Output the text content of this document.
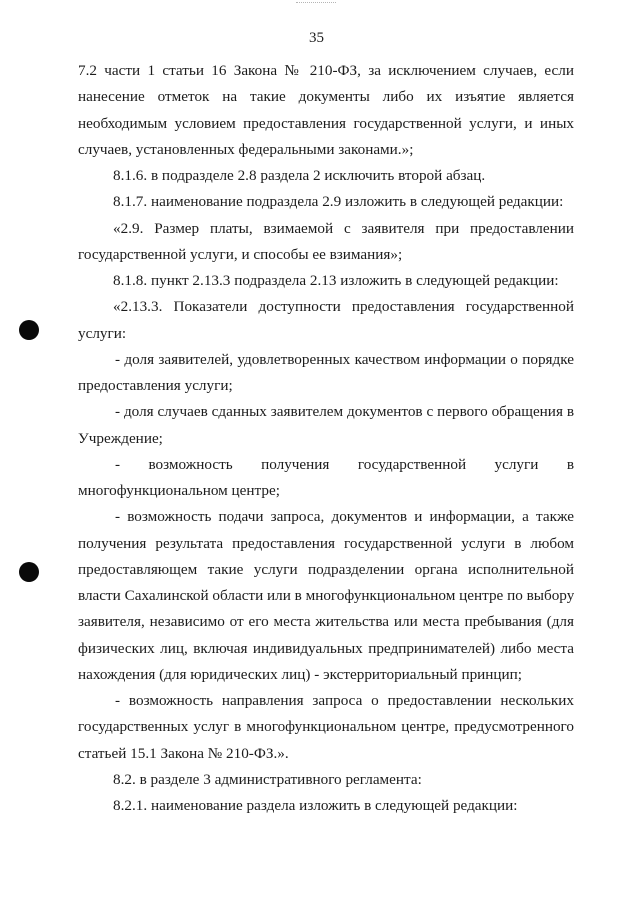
35
7.2 части 1 статьи 16 Закона № 210-ФЗ, за исключением случаев, если
нанесение отметок на такие документы либо их изъятие является
необходимым условием предоставления государственной услуги, и иных
случаев, установленных федеральными законами.»;
8.1.6. в подразделе 2.8 раздела 2 исключить второй абзац.
8.1.7. наименование подраздела 2.9 изложить в следующей редакции:
«2.9. Размер платы, взимаемой с заявителя при предоставлении
государственной услуги, и способы ее взимания»;
8.1.8. пункт 2.13.3 подраздела 2.13 изложить в следующей редакции:
«2.13.3. Показатели доступности предоставления государственной
услуги:
- доля заявителей, удовлетворенных качеством информации о порядке
предоставления услуги;
- доля случаев сданных заявителем документов с первого обращения в
Учреждение;
- возможность получения государственной услуги в
многофункциональном центре;
- возможность подачи запроса, документов и информации, а также
получения результата предоставления государственной услуги в любом
предоставляющем такие услуги подразделении органа исполнительной
власти Сахалинской области или в многофункциональном центре по выбору
заявителя, независимо от его места жительства или места пребывания (для
физических лиц, включая индивидуальных предпринимателей) либо места
нахождения (для юридических лиц) - экстерриториальный принцип;
- возможность направления запроса о предоставлении нескольких
государственных услуг в многофункциональном центре, предусмотренного
статьей 15.1 Закона № 210-ФЗ.».
8.2. в разделе 3 административного регламента:
8.2.1. наименование раздела изложить в следующей редакции:
